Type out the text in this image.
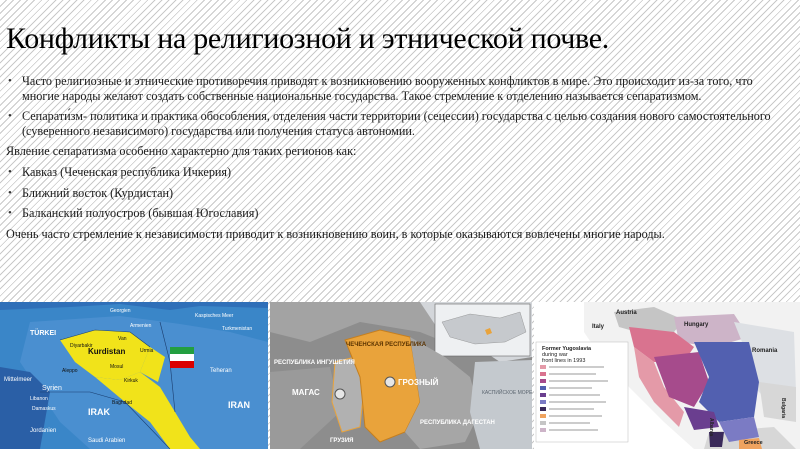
Конфликты на религиозной и этнической почве.
• Часто религиозные и этнические противоречия приводят к возникновению вооруженных конфликтов в мире. Это происходит из-за того, что многие народы желают создать собственные национальные государства. Такое стремление к отделению называется сепаратизмом.
• Сепарати́зм- политика и практика обособления, отделения части территории (сецессии) государства с целью создания нового самостоятельного (суверенного независимого) государства или получения статуса автономии.
Явление сепаратизма особенно характерно для таких регионов как:
• Кавказ (Чеченская республика Ичкерия)
• Ближний восток (Курдистан)
• Балканский полуостров (бывшая Югославия)
Очень часто стремление к независимости приводит к возникновению воин, в которые оказываются вовлечены многие народы.
TÜRKEI
Kurdistan
Syrien
IRAK
IRAN
Teheran
Mittelmeer
Saudi Arabien
Kaspisches Meer
Jordanien
Georgien
Armenien	Turkmenistan
Libanon
Damaskus
Baghdad
Kirkuk
Mosul
Aleppo
Urmia
Diyarbakir
Van
ЧЕЧЕНСКАЯ РЕСПУБЛИКА
РЕСПУБЛИКА ИНГУШЕТИЯ
МАГАС
ГРОЗНЫЙ
РЕСПУБЛИКА ДАГЕСТАН
КАСПИЙСКОЕ МОРЕ
ГРУЗИЯ
Former Yugoslavia
during war
front lines in 1993
Austria
Italy	Hungary
Romania
Bulgaria
Albania
Greece
